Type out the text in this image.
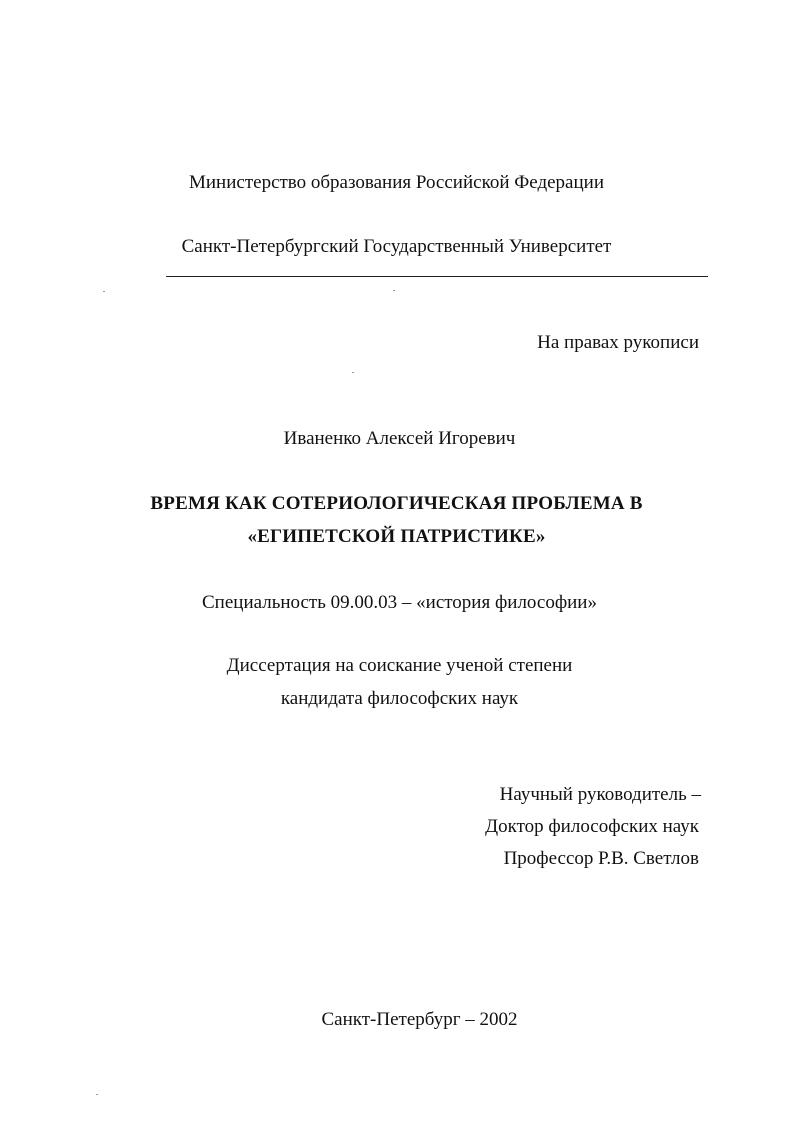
Министерство образования Российской Федерации
Санкт-Петербургский Государственный Университет
На правах рукописи
Иваненко Алексей Игоревич
ВРЕМЯ КАК СОТЕРИОЛОГИЧЕСКАЯ ПРОБЛЕМА В
«ЕГИПЕТСКОЙ ПАТРИСТИКЕ»
Специальность 09.00.03 – «история философии»
Диссертация на соискание ученой степени
кандидата философских наук
Научный руководитель –
Доктор философских наук
Профессор Р.В. Светлов
Санкт-Петербург – 2002
